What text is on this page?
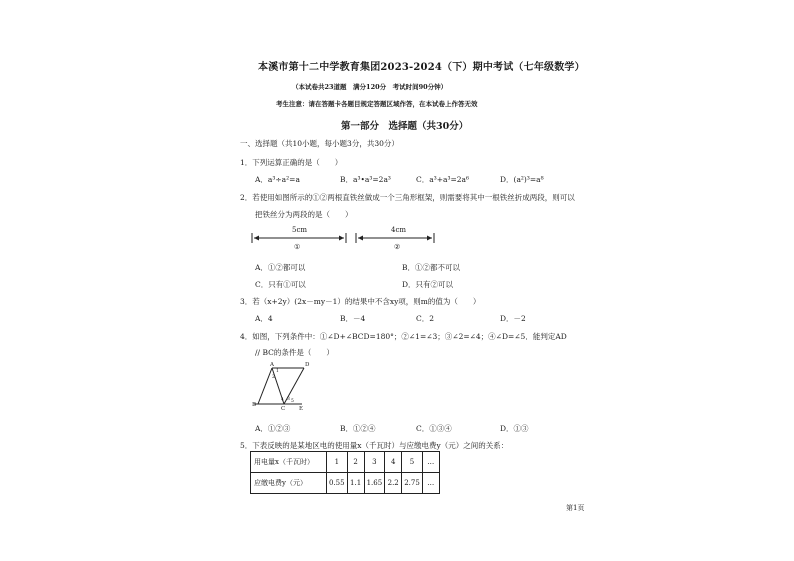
本溪市第十二中学教育集团2023-2024（下）期中考试（七年级数学）
（本试卷共23道题　满分120分　考试时间90分钟）
考生注意：请在答题卡各题目规定答题区域作答，在本试卷上作答无效
第一部分　选择题（共30分）
一、选择题（共10小题，每小题3分，共30分）
1．下列运算正确的是（　　）
A．a³÷a²=a	B．a³•a³=2a³	C．a³+a³=2a⁶	D．(a²)³=a⁸
2．若使用如图所示的①②两根直铁丝做成一个三角形框架，则需要将其中一根铁丝折成两段，则可以
把铁丝分为两段的是（　　）
5cm
①
4cm
②
A．①②都可以	B．①②都不可以
C．只有①可以	D．只有②可以
3．若（x+2y）(2x－my－1）的结果中不含xy项，则m的值为（　　）
A．4	B．－4	C．2	D．－2
4．如图，下列条件中：①∠D+∠BCD=180°；②∠1=∠3；③∠2=∠4；④∠D=∠5．能判定AD
// BC的条件是（　　）
A	D
B
C	E
1
2
3
4 5
A．①②③	B．①②④	C．①③④	D．①③
5．下表反映的是某地区电的使用量x（千瓦时）与应缴电费y（元）之间的关系：
用电量x（千瓦时）	1	2	3	4	5	…
应缴电费y（元）	0.55	1.1	1.65	2.2	2.75	…
第1页
